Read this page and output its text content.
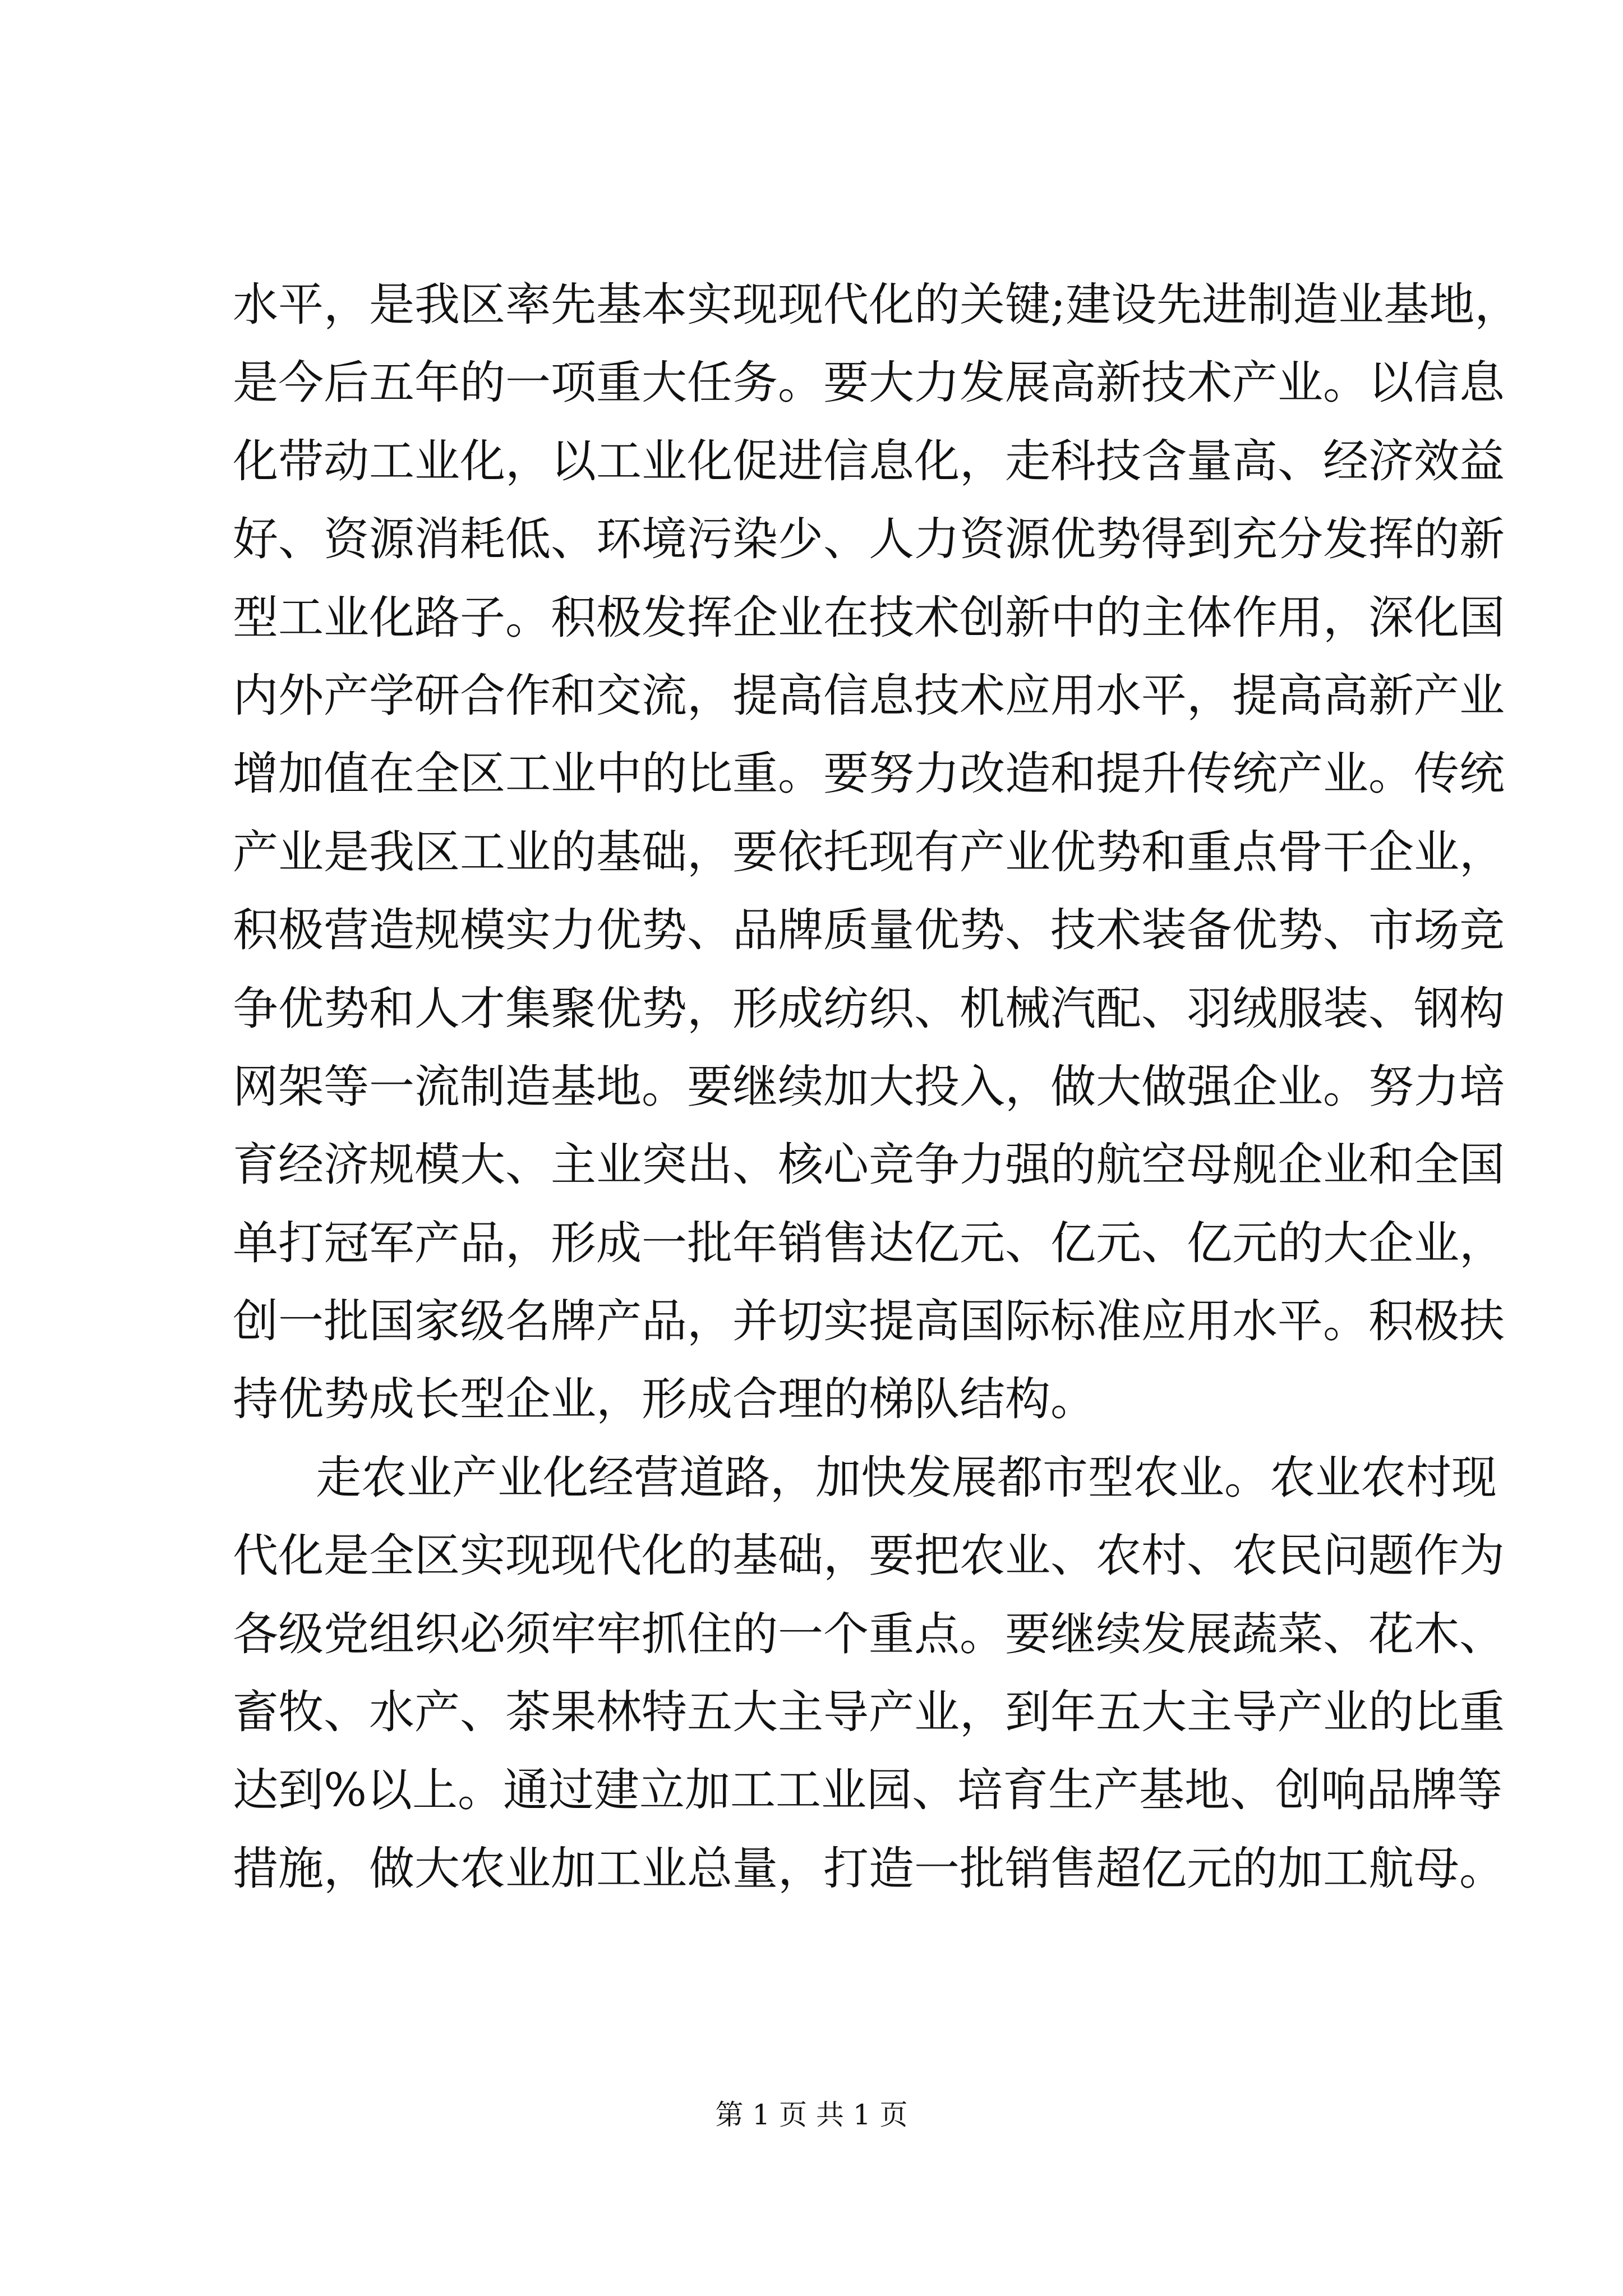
水平，是我区率先基本实现现代化的关键;建设先进制造业基地，
是今后五年的一项重大任务。要大力发展高新技术产业。以信息
化带动工业化，以工业化促进信息化，走科技含量高、经济效益
好、资源消耗低、环境污染少、人力资源优势得到充分发挥的新
型工业化路子。积极发挥企业在技术创新中的主体作用，深化国
内外产学研合作和交流，提高信息技术应用水平，提高高新产业
增加值在全区工业中的比重。要努力改造和提升传统产业。传统
产业是我区工业的基础，要依托现有产业优势和重点骨干企业，
积极营造规模实力优势、品牌质量优势、技术装备优势、市场竞
争优势和人才集聚优势，形成纺织、机械汽配、羽绒服装、钢构
网架等一流制造基地。要继续加大投入，做大做强企业。努力培
育经济规模大、主业突出、核心竞争力强的航空母舰企业和全国
单打冠军产品，形成一批年销售达亿元、亿元、亿元的大企业，
创一批国家级名牌产品，并切实提高国际标准应用水平。积极扶
持优势成长型企业，形成合理的梯队结构。
走农业产业化经营道路，加快发展都市型农业。农业农村现
代化是全区实现现代化的基础，要把农业、农村、农民问题作为
各级党组织必须牢牢抓住的一个重点。要继续发展蔬菜、花木、
畜牧、水产、茶果林特五大主导产业，到年五大主导产业的比重
达到%以上。通过建立加工工业园、培育生产基地、创响品牌等
措施，做大农业加工业总量，打造一批销售超亿元的加工航母。
第 1 页 共 1 页
